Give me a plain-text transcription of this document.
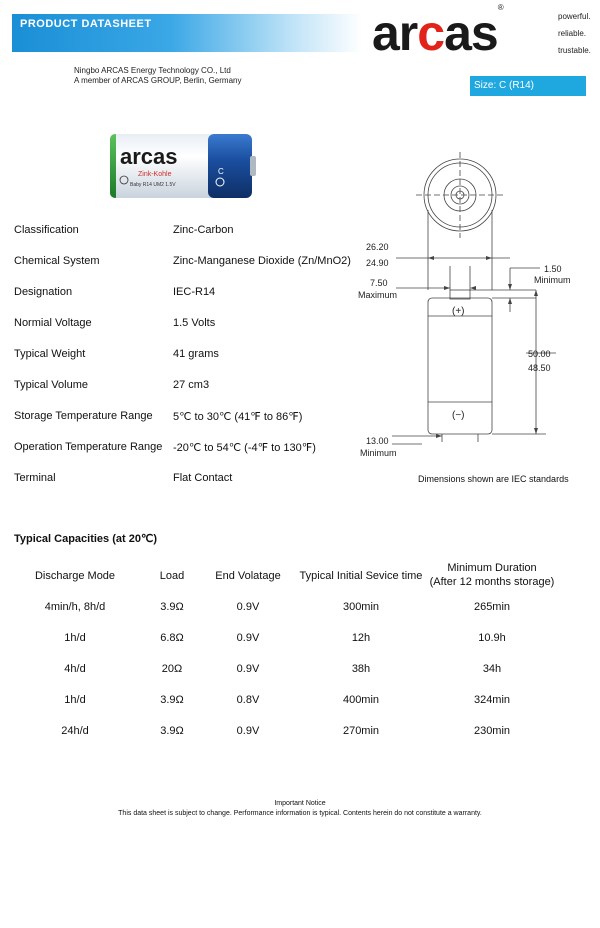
PRODUCT DATASHEET	arcas®
powerful.
reliable.
trustable.
Ningbo ARCAS Energy Technology CO., Ltd
A member of ARCAS GROUP, Berlin, Germany	Size: C (R14)
arcas
Zink-Kohle
Baby R14 UM2 1.5V
C
Classification	Zinc-Carbon
Chemical System	Zinc-Manganese Dioxide (Zn/MnO2)
Designation	IEC-R14
Normial Voltage	1.5 Volts
Typical Weight	41 grams
Typical Volume	27 cm3
Storage Temperature Range 5℃ to 30℃ (41℉ to 86℉)
Operation Temperature Range -20℃ to 54℃ (-4℉ to 130℉)
Terminal	Flat Contact
26.20
24.90
1.50
Minimum
7.50
Maximum
(+)
50.00
48.50
(−)
13.00
Minimum
Dimensions shown are IEC standards
Typical Capacities (at 20℃)
Discharge Mode	Load	End Volatage	Typical Initial Sevice time
Minimum Duration
(After 12 months storage)
4min/h, 8h/d	3.9Ω	0.9V	300min	265min
1h/d	6.8Ω	0.9V	12h	10.9h
4h/d	20Ω	0.9V	38h	34h
1h/d	3.9Ω	0.8V	400min	324min
24h/d	3.9Ω	0.9V	270min	230min
Important Notice
This data sheet is subject to change. Performance information is typical. Contents herein do not constitute a warranty.
